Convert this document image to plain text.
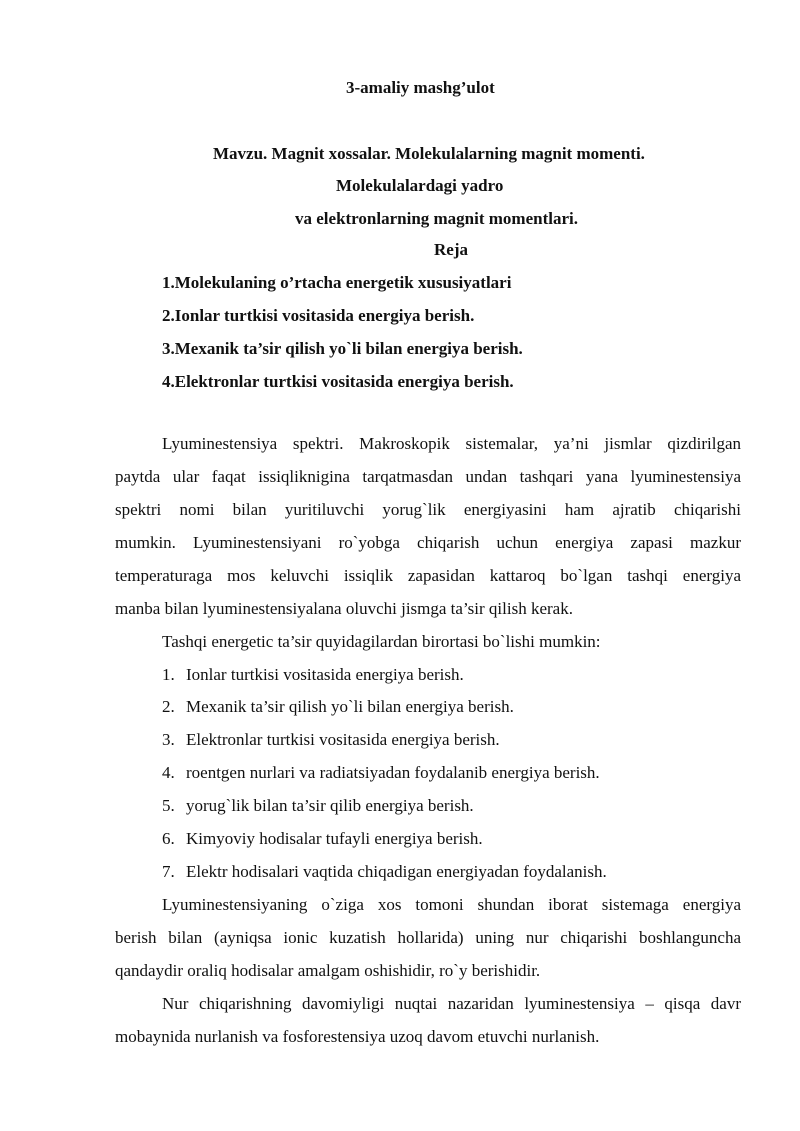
3-amaliy mashg’ulot
Mavzu. Magnit xossalar. Molekulalarning magnit momenti.
Molekulalardagi yadro
va elektronlarning magnit momentlari.
Reja
1.Molekulaning o’rtacha energetik xususiyatlari
2.Ionlar turtkisi vositasida energiya berish.
3.Mexanik ta’sir qilish yo`li bilan energiya berish.
4.Elektronlar turtkisi vositasida energiya berish.
Lyuminestensiya spektri. Makroskopik sistemalar, ya’ni jismlar qizdirilgan
paytda ular faqat issiqliknigina tarqatmasdan undan tashqari yana lyuminestensiya
spektri nomi bilan yuritiluvchi yorug`lik energiyasini ham ajratib chiqarishi
mumkin. Lyuminestensiyani ro`yobga chiqarish uchun energiya zapasi mazkur
temperaturaga mos keluvchi issiqlik zapasidan kattaroq bo`lgan tashqi energiya
manba bilan lyuminestensiyalana oluvchi jismga ta’sir qilish kerak.
Tashqi energetic ta’sir quyidagilardan birortasi bo`lishi mumkin:
1. Ionlar turtkisi vositasida energiya berish.
2. Mexanik ta’sir qilish yo`li bilan energiya berish.
3. Elektronlar turtkisi vositasida energiya berish.
4. roentgen nurlari va radiatsiyadan foydalanib energiya berish.
5. yorug`lik bilan ta’sir qilib energiya berish.
6. Kimyoviy hodisalar tufayli energiya berish.
7. Elektr hodisalari vaqtida chiqadigan energiyadan foydalanish.
Lyuminestensiyaning o`ziga xos tomoni shundan iborat sistemaga energiya
berish bilan (ayniqsa ionic kuzatish hollarida) uning nur chiqarishi boshlanguncha
qandaydir oraliq hodisalar amalgam oshishidir, ro`y berishidir.
Nur chiqarishning davomiyligi nuqtai nazaridan lyuminestensiya – qisqa davr
mobaynida nurlanish va fosforestensiya uzoq davom etuvchi nurlanish.
